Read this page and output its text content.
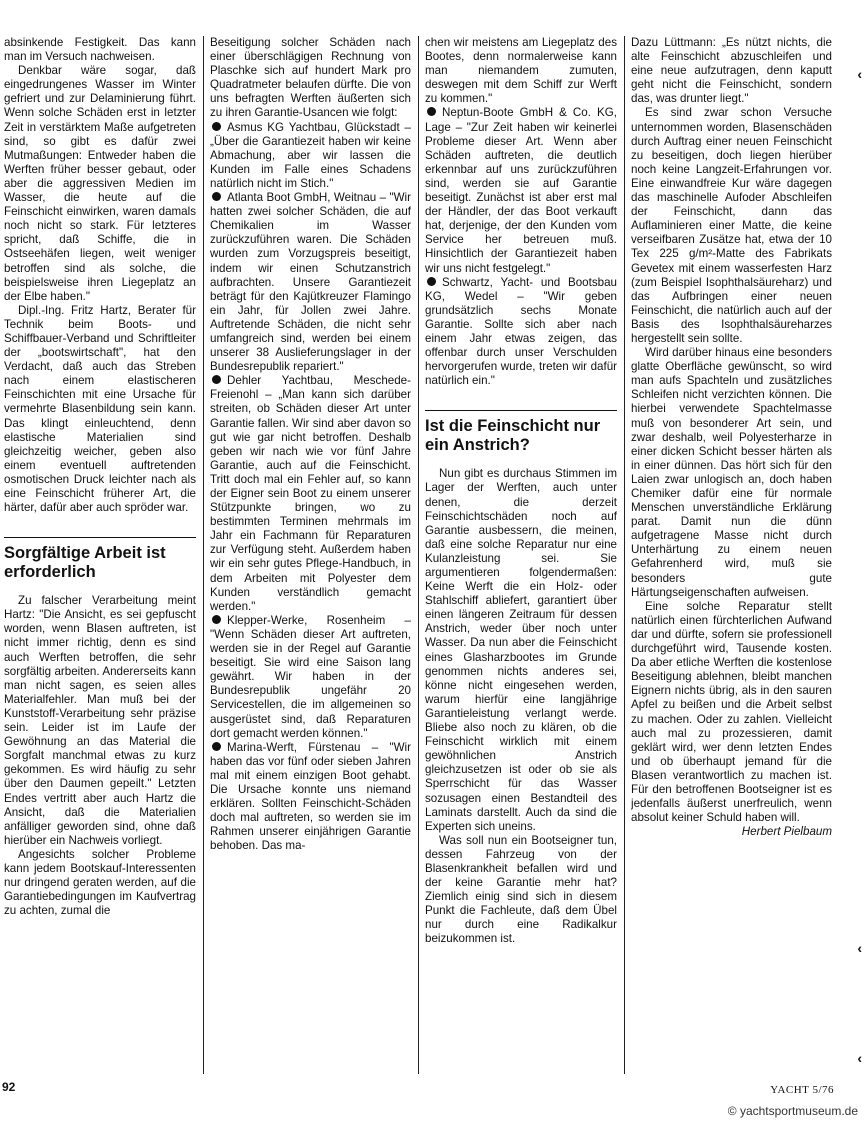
absinkende Festigkeit. Das kann man im Versuch nachweisen.

Denkbar wäre sogar, daß eingedrungenes Wasser im Winter gefriert und zur Delaminierung führt. Wenn solche Schäden erst in letzter Zeit in verstärktem Maße aufgetreten sind, so gibt es dafür zwei Mutmaßungen: Entweder haben die Werften früher besser gebaut, oder aber die aggressiven Medien im Wasser, die heute auf die Feinschicht einwirken, waren damals noch nicht so stark. Für letzteres spricht, daß Schiffe, die in Ostseehäfen liegen, weit weniger betroffen sind als solche, die beispielsweise ihren Liegeplatz an der Elbe haben."

Dipl.-Ing. Fritz Hartz, Berater für Technik beim Boots- und Schiffbauer-Verband und Schriftleiter der „bootswirtschaft", hat den Verdacht, daß auch das Streben nach einem elastischeren Feinschichten mit eine Ursache für vermehrte Blasenbildung sein kann. Das klingt einleuchtend, denn elastische Materialien sind gleichzeitig weicher, geben also einem eventuell auftretenden osmotischen Druck leichter nach als eine Feinschicht früherer Art, die härter, dafür aber auch spröder war.

Sorgfältige Arbeit ist erforderlich

Zu falscher Verarbeitung meint Hartz: "Die Ansicht, es sei gepfuscht worden, wenn Blasen auftreten, ist nicht immer richtig, denn es sind auch Werften betroffen, die sehr sorgfältig arbeiten. Andererseits kann man nicht sagen, es seien alles Materialfehler. Man muß bei der Kunststoff-Verarbeitung sehr präzise sein. Leider ist im Laufe der Gewöhnung an das Material die Sorgfalt manchmal etwas zu kurz gekommen. Es wird häufig zu sehr über den Daumen gepeilt." Letzten Endes vertritt aber auch Hartz die Ansicht, daß die Materialien anfälliger geworden sind, ohne daß hierüber ein Nachweis vorliegt.

Angesichts solcher Probleme kann jedem Bootskauf-Interessenten nur dringend geraten werden, auf die Garantiebedingungen im Kaufvertrag zu achten, zumal die

Beseitigung solcher Schäden nach einer überschlägigen Rechnung von Plaschke sich auf hundert Mark pro Quadratmeter belaufen dürfte. Die von uns befragten Werften äußerten sich zu ihren Garantie-Usancen wie folgt:

Asmus KG Yachtbau, Glückstadt – „Über die Garantiezeit haben wir keine Abmachung, aber wir lassen die Kunden im Falle eines Schadens natürlich nicht im Stich."

Atlanta Boot GmbH, Weitnau – "Wir hatten zwei solcher Schäden, die auf Chemikalien im Wasser zurückzuführen waren. Die Schäden wurden zum Vorzugspreis beseitigt, indem wir einen Schutzanstrich aufbrachten. Unsere Garantiezeit beträgt für den Kajütkreuzer Flamingo ein Jahr, für Jollen zwei Jahre. Auftretende Schäden, die nicht sehr umfangreich sind, werden bei einem unserer 38 Auslieferungslager in der Bundesrepublik repariert."

Dehler Yachtbau, Meschede-Freienohl – „Man kann sich darüber streiten, ob Schäden dieser Art unter Garantie fallen. Wir sind aber davon so gut wie gar nicht betroffen. Deshalb geben wir nach wie vor fünf Jahre Garantie, auch auf die Feinschicht. Tritt doch mal ein Fehler auf, so kann der Eigner sein Boot zu einem unserer Stützpunkte bringen, wo zu bestimmten Terminen mehrmals im Jahr ein Fachmann für Reparaturen zur Verfügung steht. Außerdem haben wir ein sehr gutes Pflege-Handbuch, in dem Arbeiten mit Polyester dem Kunden verständlich gemacht werden."

Klepper-Werke, Rosenheim – "Wenn Schäden dieser Art auftreten, werden sie in der Regel auf Garantie beseitigt. Sie wird eine Saison lang gewährt. Wir haben in der Bundesrepublik ungefähr 20 Servicestellen, die im allgemeinen so ausgerüstet sind, daß Reparaturen dort gemacht werden können."

Marina-Werft, Fürstenau – "Wir haben das vor fünf oder sieben Jahren mal mit einem einzigen Boot gehabt. Die Ursache konnte uns niemand erklären. Sollten Feinschicht-Schäden doch mal auftreten, so werden sie im Rahmen unserer einjährigen Garantie behoben. Das ma-

chen wir meistens am Liegeplatz des Bootes, denn normalerweise kann man niemandem zumuten, deswegen mit dem Schiff zur Werft zu kommen."

Neptun-Boote GmbH & Co. KG, Lage – "Zur Zeit haben wir keinerlei Probleme dieser Art. Wenn aber Schäden auftreten, die deutlich erkennbar auf uns zurückzuführen sind, werden sie auf Garantie beseitigt. Zunächst ist aber erst mal der Händler, der das Boot verkauft hat, derjenige, der den Kunden vom Service her betreuen muß. Hinsichtlich der Garantiezeit haben wir uns nicht festgelegt."

Schwartz, Yacht- und Bootsbau KG, Wedel – "Wir geben grundsätzlich sechs Monate Garantie. Sollte sich aber nach einem Jahr etwas zeigen, das offenbar durch unser Verschulden hervorgerufen wurde, treten wir dafür natürlich ein."

Ist die Feinschicht nur ein Anstrich?

Nun gibt es durchaus Stimmen im Lager der Werften, auch unter denen, die derzeit Feinschichtschäden noch auf Garantie ausbessern, die meinen, daß eine solche Reparatur nur eine Kulanzleistung sei. Sie argumentieren folgendermaßen: Keine Werft die ein Holz- oder Stahlschiff abliefert, garantiert über einen längeren Zeitraum für dessen Anstrich, weder über noch unter Wasser. Da nun aber die Feinschicht eines Glasharzbootes im Grunde genommen nichts anderes sei, könne nicht eingesehen werden, warum hierfür eine langjährige Garantieleistung verlangt werde. Bliebe also noch zu klären, ob die Feinschicht wirklich mit einem gewöhnlichen Anstrich gleichzusetzen ist oder ob sie als Sperrschicht für das Wasser sozusagen einen Bestandteil des Laminats darstellt. Auch da sind die Experten sich uneins.

Was soll nun ein Bootseigner tun, dessen Fahrzeug von der Blasenkrankheit befallen wird und der keine Garantie mehr hat? Ziemlich einig sind sich in diesem Punkt die Fachleute, daß dem Übel nur durch eine Radikalkur beizukommen ist.

Dazu Lüttmann: „Es nützt nichts, die alte Feinschicht abzuschleifen und eine neue aufzutragen, denn kaputt geht nicht die Feinschicht, sondern das, was drunter liegt."

Es sind zwar schon Versuche unternommen worden, Blasenschäden durch Auftrag einer neuen Feinschicht zu beseitigen, doch liegen hierüber noch keine Langzeit-Erfahrungen vor. Eine einwandfreie Kur wäre dagegen das maschinelle Aufoder Abschleifen der Feinschicht, dann das Auflaminieren einer Matte, die keine verseifbaren Zusätze hat, etwa der 10 Tex 225 g/m²-Matte des Fabrikats Gevetex mit einem wasserfesten Harz (zum Beispiel Isophthalsäureharz) und das Aufbringen einer neuen Feinschicht, die natürlich auch auf der Basis des Isophthalsäureharzes hergestellt sein sollte.

Wird darüber hinaus eine besonders glatte Oberfläche gewünscht, so wird man aufs Spachteln und zusätzliches Schleifen nicht verzichten können. Die hierbei verwendete Spachtelmasse muß von besonderer Art sein, und zwar deshalb, weil Polyesterharze in einer dicken Schicht besser härten als in einer dünnen. Das hört sich für den Laien zwar unlogisch an, doch haben Chemiker dafür eine für normale Menschen unverständliche Erklärung parat. Damit nun die dünn aufgetragene Masse nicht durch Unterhärtung zu einem neuen Gefahrenherd wird, muß sie besonders gute Härtungseigenschaften aufweisen.

Eine solche Reparatur stellt natürlich einen fürchterlichen Aufwand dar und dürfte, sofern sie professionell durchgeführt wird, Tausende kosten. Da aber etliche Werften die kostenlose Beseitigung ablehnen, bleibt manchen Eignern nichts übrig, als in den sauren Apfel zu beißen und die Arbeit selbst zu machen. Oder zu zahlen. Vielleicht auch mal zu prozessieren, damit geklärt wird, wer denn letzten Endes und ob überhaupt jemand für die Blasen verantwortlich zu machen ist. Für den betroffenen Bootseigner ist es jedenfalls äußerst unerfreulich, wenn absolut keiner Schuld haben will.

Herbert Pielbaum

‹
‹
‹
92	YACHT 5/76
© yachtsportmuseum.de
